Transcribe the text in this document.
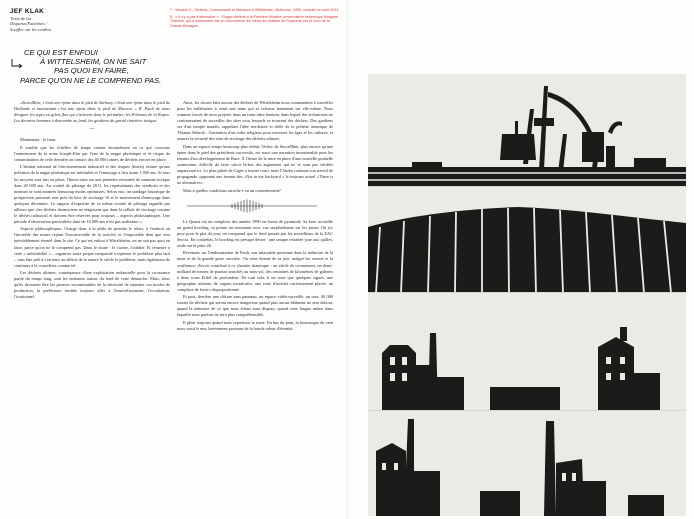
JEF KLAK
Texte de fin
Disparus/Fantômes /
Souffler sur les cendres

7 · Wunsch K., Siebeck, Communauté et littérature à Wittelsheim, Mulhouse, 1995, consulté en août 2014.

8 · « Il n'y a pas d'alternative » : Slogan attribué à la Première Ministre conservatrice britannique Margaret Thatcher, qui a notamment mis en concurrence les mines de charbon du Royaume-Uni et ceux de la Grande-Bretagne.

CE QUI EST ENFOUI
À WITTELSHEIM, ON NE SAIT
PAS QUOI EN FAIRE,
PARCE QU'ON NE LE COMPREND PAS.

«StocaMine, c'était une épine dans le pied de Sarkozy, c'était une épine dans le pied de Hollande et maintenant c'est une épine dans le pied de Macron. » R. Pault de nous désigner les types en gilets fluo qui s'activent dans le périmètre, les Polonais de la Kopex. Les derniers hommes à descendre au fond, les gardiens du grand cimetière toxique.

~•~

Maintenant : le futur.

Il semble que les échelles de temps varient énormément en ce qui concerne l'ennoiement de la mine Joseph-Else par l'eau de la nappe phréatique et le risque de contamination de cette dernière au contact des 40 000 tonnes de déchets encore en place.

L'Institut national de l'environnement industriel et des risques (Ineris) estime qu'une pollution de la nappe phréatique est inévitable et l'ennoyage a lieu avant 1 000 ans. Si tous les moyens sont mis en place, l'Ineris mise sur une première remontée de saumure toxique dans 20 000 ans. Au comité de pilotage de 2011, les représentants des syndicats et des mineurs se sont montrés beaucoup moins optimistes. Selon eux, un sondage historique de prospection passerait tout près du bloc de stockage 16 et le mouvement d'ennoyage dans quelques décennies. Le rapport d'expertise de ce même comité de pilotage rappelle par ailleurs que «les déchets thermiciens ne réagissent que dans la cellule de stockage comme le déchet radioactif et doivent être réservés pour toujours – aspects philosophiques. Une période d'observation particulière dure de 10 000 ans n'est pas suffisante ».

Aspects philosophiques. Charge donc à la philo de prendre le relais, à l'endroit où l'invisible des mines rejoint l'inconcevable de la toxicité, et l'impossible déni que sera inévitablement éternel dans le site. Ce qui est enfoui à Wittelsheim, on ne sait pas quoi en faire, parce qu'on ne le comprend pas. Dans le doute : le cacher, l'oublier. Et remettre à cette « inévitabilité » – organiser notre propre incapacité à repenser le problème plus tard – sans être prêt à s'en tenir au déficit de la nature le siècle le problème, mais également de continuer à le considérer comme tel.

Les déchets ultimes, conséquence d'une exploitation industrielle pour la croissance partie du temps long, sont les embarras autour du fond de cette démarche. Mais, alors qu'ils devraient être les preuves incontestables de la nécessité de repenser ces modes de production, la préférence semble toujours aller à l'ensevelissement, l'occultation, l'irrationnel.

Ainsi, les choses faits autour des déchets de Wittelsheim nous commandent à surveiller pour les millénaires à venir une mine qui se referme lentement sur elle-même. Nous sommes forcés de nous projeter dans un futur ultra lointain, dans lequel des techniciens ne continueraient de surveiller des sites sous lesquels se trouvent des déchets. Des gardiens ses d'un temple maudit, rappelant l'idée terrifiante et drôle de la prêtrise atomique de Thomas Sebeok : l'invention d'un ordre religieux pour traverser les âges et les cultures, et assurer la sécurité des sites de stockage des déchets ultimes.

Dans un espace-temps beaucoup plus réduit, l'échec de StocaMine, plus encore qu'une épine dans le pied des présidents successifs, est aussi une narration insoutenable pour les tenants d'un développement de Bure. À l'heure de la mise en place d'une nouvelle poubelle souterraine, difficile de faire valoir là-bas des arguments qui ne se sont pas vérifiés auparavant ici. Le plan piloté de Cigéo a tourné court, mais l'Andra continue son travail de propagande, opposant aux tenants des «Not in my backyard » le toujours actuel «There is no alternative».

Mais à quelles conditions arrache-t-on un consentement?

Le Quartz est un complexe des années 1990 en forme de pyramide. Sa base accueille un grand bowling, sa pointe un restaurant avec vue surplombante sur les pistes. On n'y pose pour le plat du jour, on comprend que le fond passait par les travailleurs de la ZAC Seccia. En contrebas, le bowling est presque désert : une unique retraitée joue aux quilles, seule sur la piste 26.

Revenons sur l'enthousiasme de Pault, son inlassable personne dans la mémoire de la mine et de la grande geste ouvrière. On reste étonné de sa joie, malgré les erreurs et la souffrance, d'avoir contribué à ce chantier titanesque : un siècle de creusement, un demi-milliard de tonnes de potasse arrachés au sous-sol, des centaines de kilomètres de galeries à deux tours Eiffel de profondeur. De tout cela, il ne reste que quelques signes, une géographie urbaine, de vagues monticules, une zone d'activité curieusement placée, un complexe de loisirs disproportionné.

Et puis, derrière une clôture sans panneau, un espace vidéo-surveillé, un trou, 40 000 tonnes de déchets qui seront encore dangereux quand plus aucun bâtiment ne sera debout, quand la mémoire de ce que nous étions aura disparu, quand cette langue même dans laquelle nous parlons ne sera plus compréhensible.

Il pleut toujours quand nous reprenons la route. En bas du pont, la bourrasque de vent nous saisit le nez, brièvement porteuse de la lourde odeur d'éternité.
